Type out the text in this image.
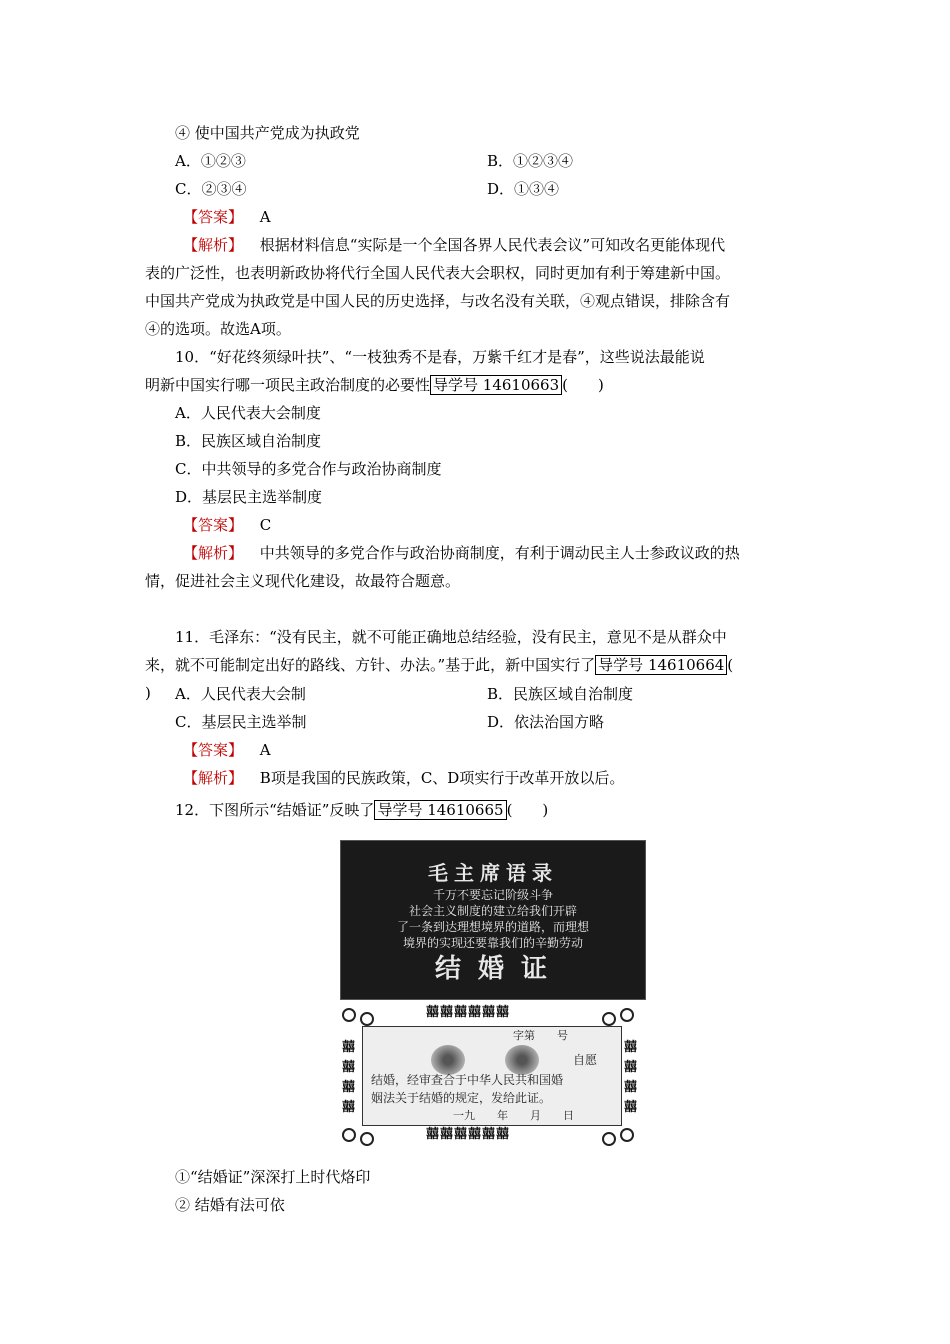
④ 使中国共产党成为执政党
A．①②③	B．①②③④
C．②③④	D．①③④
【答案】 A
【解析】 根据材料信息“实际是一个全国各界人民代表会议”可知改名更能体现代
表的广泛性，也表明新政协将代行全国人民代表大会职权，同时更加有利于筹建新中国。
中国共产党成为执政党是中国人民的历史选择，与改名没有关联，④观点错误，排除含有
④的选项。故选A项。
10．“好花终须绿叶扶”、“一枝独秀不是春，万紫千红才是春”，这些说法最能说
明新中国实行哪一项民主政治制度的必要性 导学号 14610663 (　　)
A．人民代表大会制度
B．民族区域自治制度
C．中共领导的多党合作与政治协商制度
D．基层民主选举制度
【答案】 C
【解析】 中共领导的多党合作与政治协商制度，有利于调动民主人士参政议政的热
情，促进社会主义现代化建设，故最符合题意。
11．毛泽东：“没有民主，就不可能正确地总结经验，没有民主，意见不是从群众中
来，就不可能制定出好的路线、方针、办法。”基于此，新中国实行了 导学号 14610664 (
) A．人民代表大会制	B．民族区域自治制度
C．基层民主选举制	D．依法治国方略
【答案】 A
【解析】 B项是我国的民族政策，C、D项实行于改革开放以后。
12．下图所示“结婚证”反映了 导学号 14610665 (　　)
毛主席语录
千万不要忘记阶级斗争
社会主义制度的建立给我们开辟
了一条到达理想境界的道路，而理想
境界的实现还要靠我们的辛勤劳动
结 婚 证
囍囍囍囍囍囍
囍囍囍囍囍囍
囍
囍
囍
囍
囍
囍
囍
囍
字第　　号
自愿
结婚，经审查合于中华人民共和国婚
姻法关于结婚的规定，发给此证。
一九　　年　　月　　日
①“结婚证”深深打上时代烙印
② 结婚有法可依
